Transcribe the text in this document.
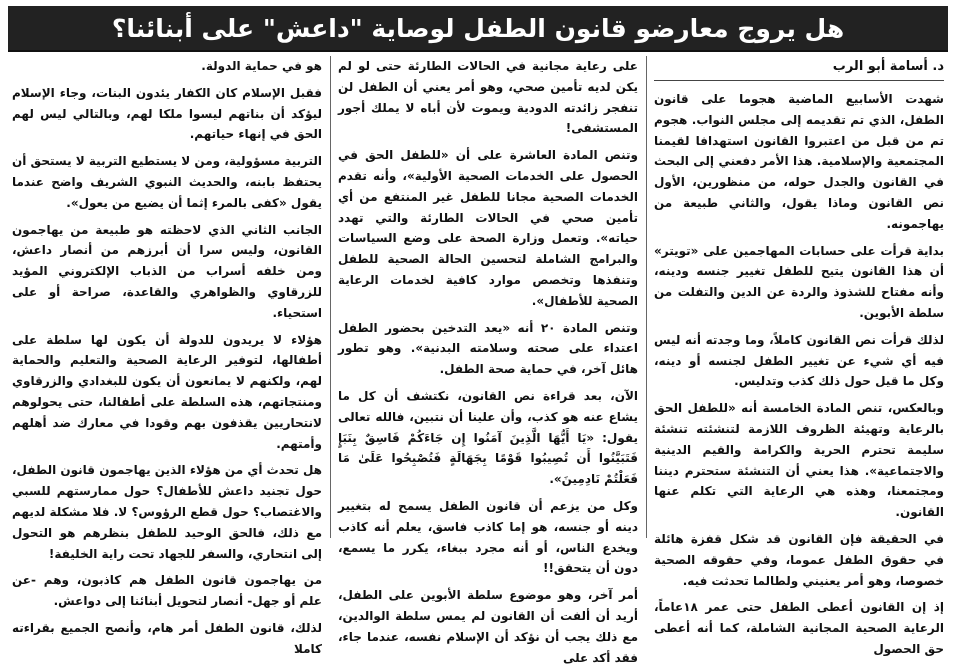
هل يروج معارضو قانون الطفل لوصاية "داعش" على أبنائنا؟
د. أسامة أبو الرب

شهدت الأسابيع الماضية هجوما على قانون الطفل، الذي تم تقديمه إلى مجلس النواب. هجوم تم من قبل من اعتبروا القانون استهدافا لقيمنا المجتمعية والإسلامية. هذا الأمر دفعني إلى البحث في القانون والجدل حوله، من منظورين، الأول نص القانون وماذا يقول، والثاني طبيعة من يهاجمونه.

بداية قرأت على حسابات المهاجمين على «تويتر» أن هذا القانون يتيح للطفل تغيير جنسه ودينه، وأنه مفتاح للشذوذ والردة عن الدين والتفلت من سلطة الأبوين.

لذلك قرأت نص القانون كاملاً، وما وجدته أنه ليس فيه أي شيء عن تغيير الطفل لجنسه أو دينه، وكل ما قيل حول ذلك كذب وتدليس.

وبالعكس، تنص المادة الخامسة أنه «للطفل الحق بالرعاية وتهيئة الظروف اللازمة لتنشئته تنشئة سليمة تحترم الحرية والكرامة والقيم الدينية والاجتماعية». هذا يعني أن التنشئة ستحترم ديننا ومجتمعنا، وهذه هي الرعاية التي تكلم عنها القانون.

في الحقيقة فإن القانون قد شكل قفزة هائلة في حقوق الطفل عموما، وفي حقوقه الصحية خصوصا، وهو أمر يعنيني ولطالما تحدثت فيه.

إذ إن القانون أعطى الطفل حتى عمر ١٨عاماً، الرعاية الصحية المجانية الشاملة، كما أنه أعطى حق الحصول

على رعاية مجانية في الحالات الطارئة حتى لو لم يكن لديه تأمين صحي، وهو أمر يعني أن الطفل لن تنفجر زائدته الدودية ويموت لأن أباه لا يملك أجور المستشفى!

وتنص المادة العاشرة على أن «للطفل الحق في الحصول على الخدمات الصحية الأولية»، وأنه تقدم الخدمات الصحية مجانا للطفل غير المنتفع من أي تأمين صحي في الحالات الطارئة والتي تهدد حياته». وتعمل وزارة الصحة على وضع السياسات والبرامج الشاملة لتحسين الحالة الصحية للطفل وتنفذها وتخصص موارد كافية لخدمات الرعاية الصحية للأطفال».

وتنص المادة ٢٠ أنه «يعد التدخين بحضور الطفل اعتداء على صحته وسلامته البدنية». وهو تطور هائل آخر، في حماية صحة الطفل.

الآن، بعد قراءة نص القانون، نكتشف أن كل ما يشاع عنه هو كذب، وأن علينا أن نتبين، فالله تعالى يقول: «يَا أَيُّهَا الَّذِينَ آمَنُوا إِن جَاءَكُمْ فَاسِقٌ بِنَبَإٍ فَتَبَيَّنُوا أَن تُصِيبُوا قَوْمًا بِجَهَالَةٍ فَتُصْبِحُوا عَلَىٰ مَا فَعَلْتُمْ نَادِمِينَ».

وكل من يزعم أن قانون الطفل يسمح له بتغيير دينه أو جنسه، هو إما كاذب فاسق، يعلم أنه كاذب ويخدع الناس، أو أنه مجرد ببغاء، يكرر ما يسمع، دون أن يتحقق!!

أمر آخر، وهو موضوع سلطة الأبوين على الطفل، أريد أن ألفت أن القانون لم يمس سلطة الوالدين، مع ذلك يجب أن نؤكد أن الإسلام نفسه، عندما جاء، فقد أكد على

هو في حماية الدولة.

فقبل الإسلام كان الكفار يئدون البنات، وجاء الإسلام ليؤكد أن بناتهم ليسوا ملكا لهم، وبالتالي ليس لهم الحق في إنهاء حياتهم.

التربية مسؤولية، ومن لا يستطيع التربية لا يستحق أن يحتفظ بابنه، والحديث النبوي الشريف واضح عندما يقول «كفى بالمرء إثما أن يضيع من يعول».

الجانب الثاني الذي لاحظته هو طبيعة من يهاجمون القانون، وليس سرا أن أبرزهم من أنصار داعش، ومن خلفه أسراب من الذباب الإلكتروني المؤيد للزرقاوي والظواهري والقاعدة، صراحة أو على استحياء.

هؤلاء لا يريدون للدولة أن يكون لها سلطة على أطفالها، لتوفير الرعاية الصحية والتعليم والحماية لهم، ولكنهم لا يمانعون أن يكون للبغدادي والزرقاوي ومنتجاتهم، هذه السلطة على أطفالنا، حتى يحولوهم لانتحاريين يقذفون بهم وقودا في معارك ضد أهلهم وأمتهم.

هل تحدث أي من هؤلاء الذين يهاجمون قانون الطفل، حول تجنيد داعش للأطفال؟ حول ممارستهم للسبي والاغتصاب؟ حول قطع الرؤوس؟ لا. فلا مشكلة لديهم مع ذلك، فالحق الوحيد للطفل بنظرهم هو التحول إلى انتحاري، والسفر للجهاد تحت راية الخليفة!

من يهاجمون قانون الطفل هم كاذبون، وهم -عن علم أو جهل- أنصار لتحويل أبنائنا إلى دواعش.

لذلك، قانون الطفل أمر هام، وأنصح الجميع بقراءته كاملا
